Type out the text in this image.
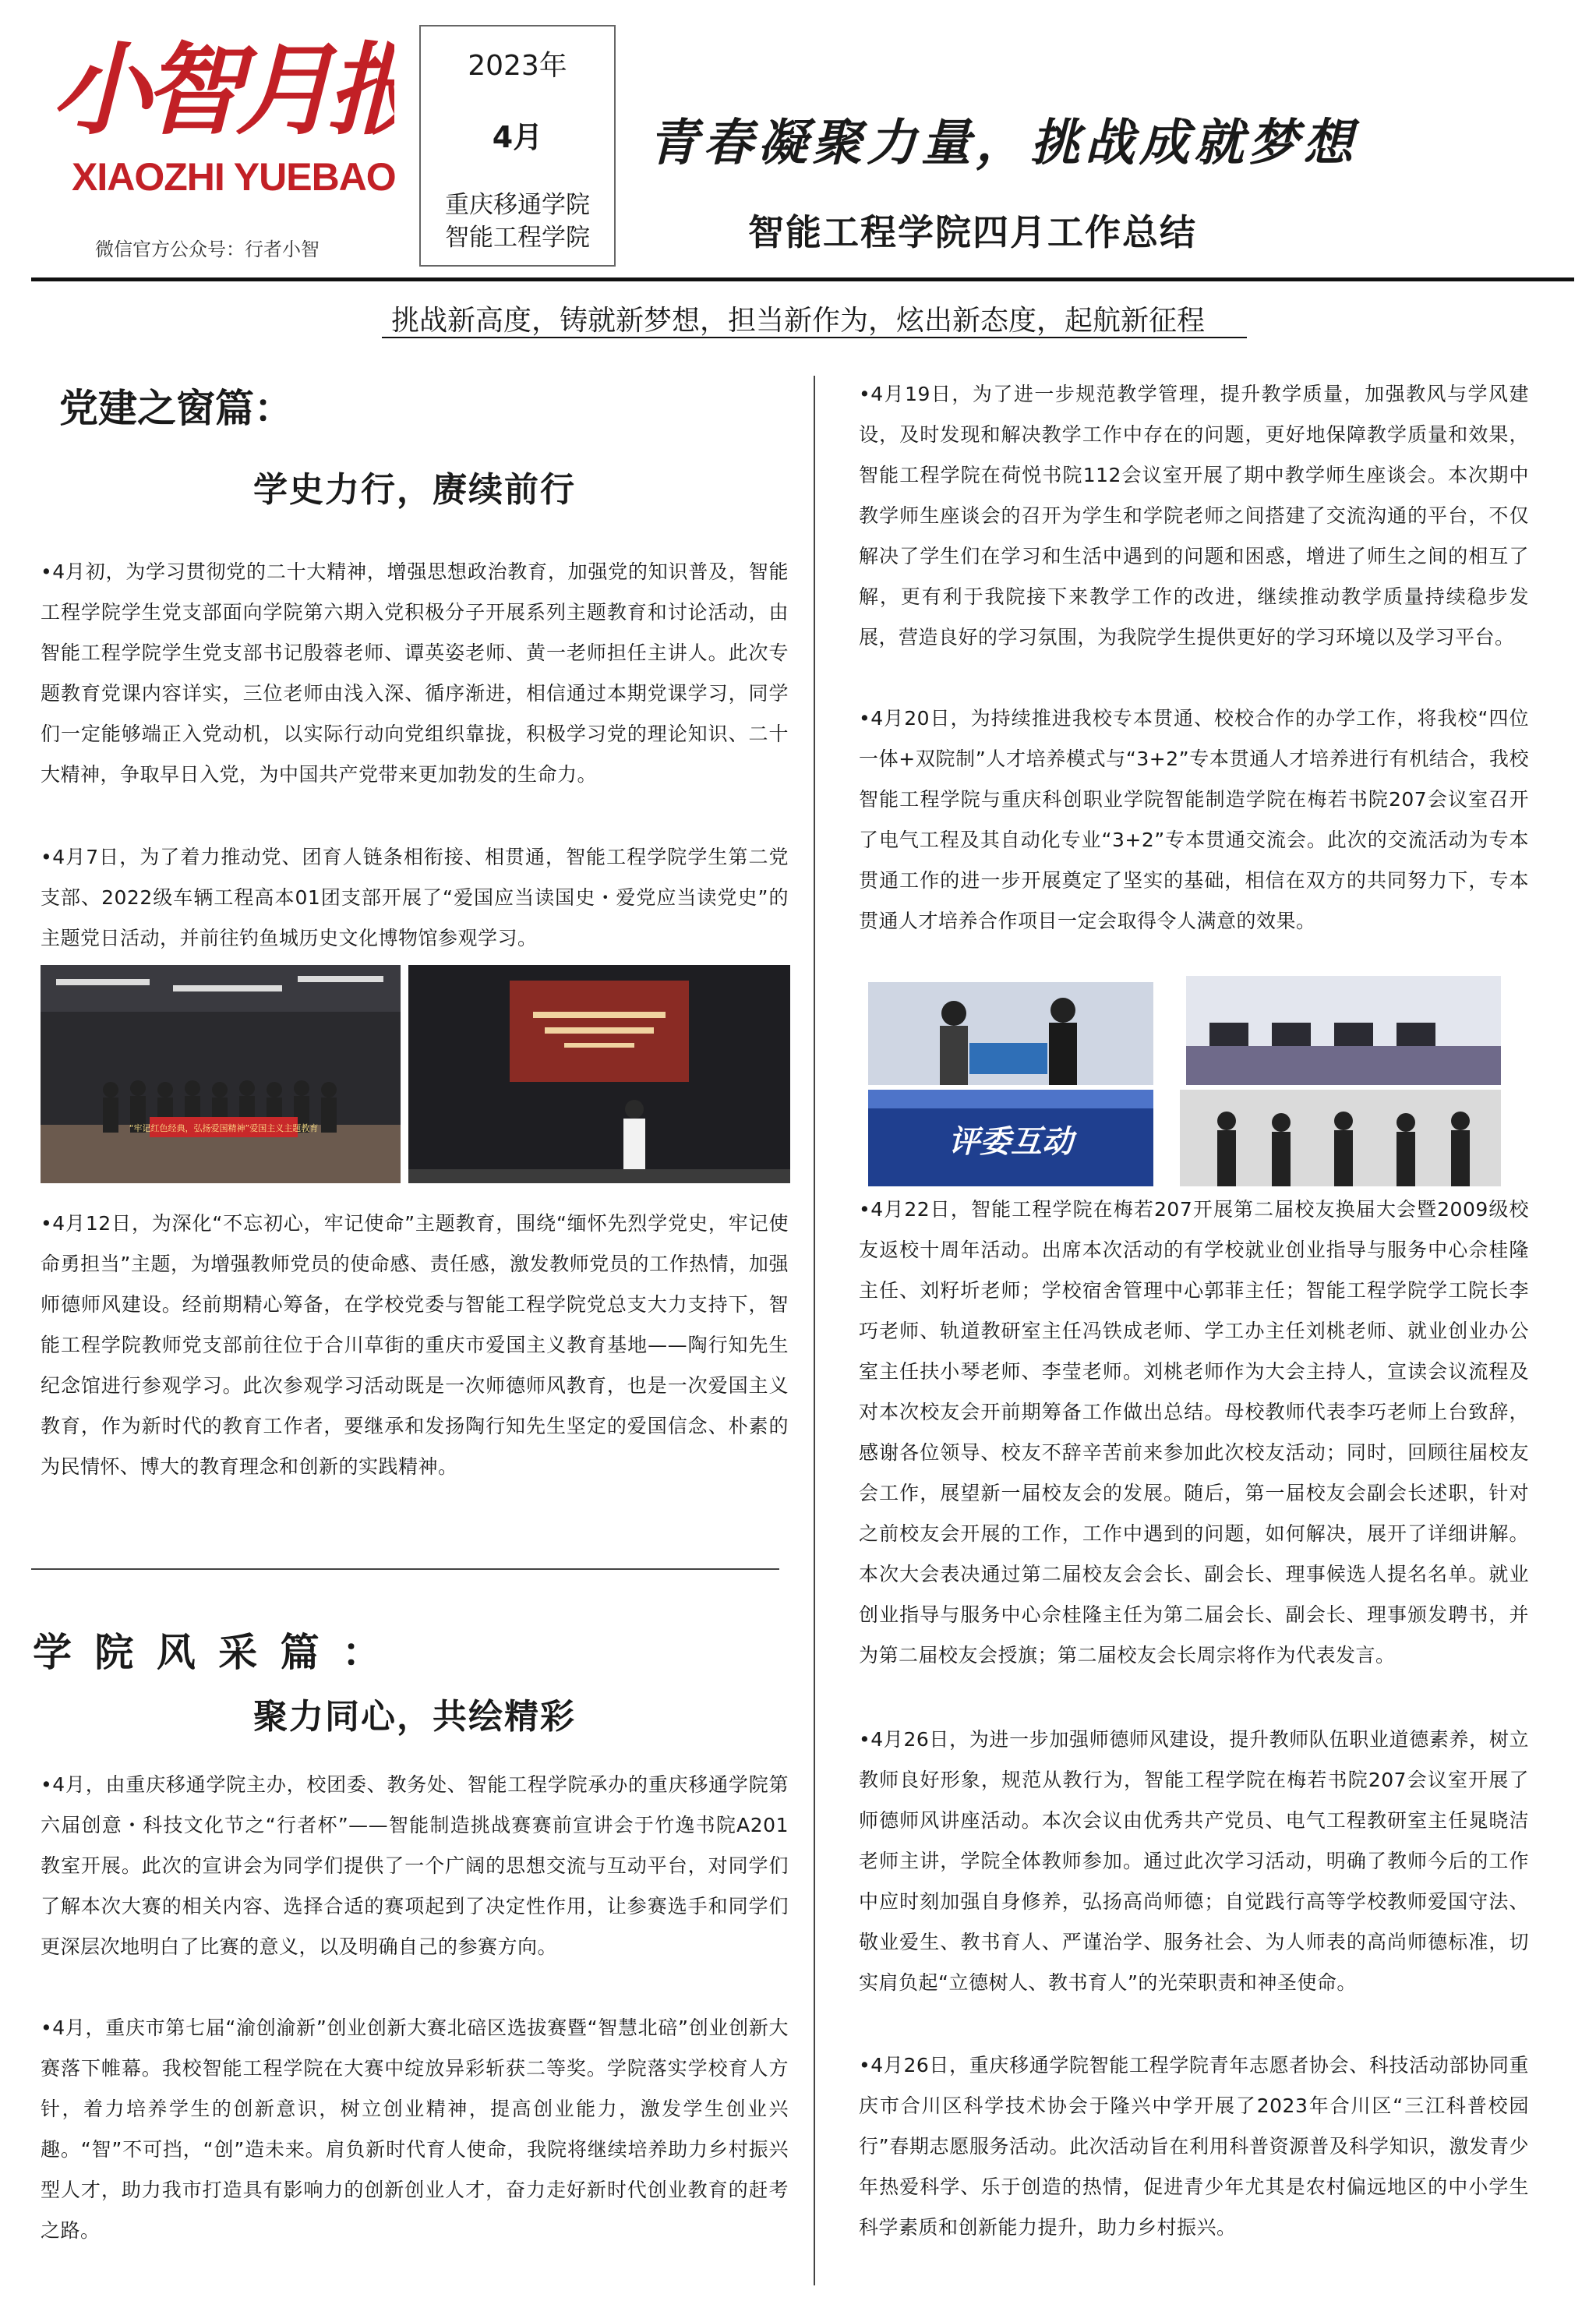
小智月报
XIAOZHI YUEBAO
微信官方公众号：行者小智
2023年
4月
重庆移通学院
智能工程学院
青春凝聚力量，挑战成就梦想
智能工程学院四月工作总结
挑战新高度，铸就新梦想，担当新作为，炫出新态度，起航新征程
党建之窗篇：
学史力行，赓续前行

•4月初，为学习贯彻党的二十大精神，增强思想政治教育，加强党的知识普及，智能工程学院学生党支部面向学院第六期入党积极分子开展系列主题教育和讨论活动，由智能工程学院学生党支部书记殷蓉老师、谭英姿老师、黄一老师担任主讲人。此次专题教育党课内容详实，三位老师由浅入深、循序渐进，相信通过本期党课学习，同学们一定能够端正入党动机，以实际行动向党组织靠拢，积极学习党的理论知识、二十大精神，争取早日入党，为中国共产党带来更加勃发的生命力。

•4月7日，为了着力推动党、团育人链条相衔接、相贯通，智能工程学院学生第二党支部、2022级车辆工程高本01团支部开展了“爱国应当读国史・爱党应当读党史”的主题党日活动，并前往钓鱼城历史文化博物馆参观学习。

“牢记红色经典，弘扬爱国精神”爱国主义主题教育

•4月12日，为深化“不忘初心，牢记使命”主题教育，围绕“缅怀先烈学党史，牢记使命勇担当”主题，为增强教师党员的使命感、责任感，激发教师党员的工作热情，加强师德师风建设。经前期精心筹备，在学校党委与智能工程学院党总支大力支持下，智能工程学院教师党支部前往位于合川草街的重庆市爱国主义教育基地——陶行知先生纪念馆进行参观学习。此次参观学习活动既是一次师德师风教育，也是一次爱国主义教育，作为新时代的教育工作者，要继承和发扬陶行知先生坚定的爱国信念、朴素的为民情怀、博大的教育理念和创新的实践精神。

学 院 风 采 篇 ：
聚力同心，共绘精彩

•4月，由重庆移通学院主办，校团委、教务处、智能工程学院承办的重庆移通学院第六届创意・科技文化节之“行者杯”——智能制造挑战赛赛前宣讲会于竹逸书院A201教室开展。此次的宣讲会为同学们提供了一个广阔的思想交流与互动平台，对同学们了解本次大赛的相关内容、选择合适的赛项起到了决定性作用，让参赛选手和同学们更深层次地明白了比赛的意义，以及明确自己的参赛方向。

•4月，重庆市第七届“渝创渝新”创业创新大赛北碚区选拔赛暨“智慧北碚”创业创新大赛落下帷幕。我校智能工程学院在大赛中绽放异彩斩获二等奖。学院落实学校育人方针，着力培养学生的创新意识，树立创业精神，提高创业能力，激发学生创业兴趣。“智”不可挡，“创”造未来。肩负新时代育人使命，我院将继续培养助力乡村振兴型人才，助力我市打造具有影响力的创新创业人才，奋力走好新时代创业教育的赶考之路。

•4月19日，为了进一步规范教学管理，提升教学质量，加强教风与学风建设，及时发现和解决教学工作中存在的问题，更好地保障教学质量和效果，智能工程学院在荷悦书院112会议室开展了期中教学师生座谈会。本次期中教学师生座谈会的召开为学生和学院老师之间搭建了交流沟通的平台，不仅解决了学生们在学习和生活中遇到的问题和困惑，增进了师生之间的相互了解，更有利于我院接下来教学工作的改进，继续推动教学质量持续稳步发展，营造良好的学习氛围，为我院学生提供更好的学习环境以及学习平台。

•4月20日，为持续推进我校专本贯通、校校合作的办学工作，将我校“四位一体+双院制”人才培养模式与“3+2”专本贯通人才培养进行有机结合，我校智能工程学院与重庆科创职业学院智能制造学院在梅若书院207会议室召开了电气工程及其自动化专业“3+2”专本贯通交流会。此次的交流活动为专本贯通工作的进一步开展奠定了坚实的基础，相信在双方的共同努力下，专本贯通人才培养合作项目一定会取得令人满意的效果。

评委互动

•4月22日，智能工程学院在梅若207开展第二届校友换届大会暨2009级校友返校十周年活动。出席本次活动的有学校就业创业指导与服务中心佘桂隆主任、刘籽圻老师；学校宿舍管理中心郭菲主任；智能工程学院学工院长李巧老师、轨道教研室主任冯铁成老师、学工办主任刘桃老师、就业创业办公室主任扶小琴老师、李莹老师。刘桃老师作为大会主持人，宣读会议流程及对本次校友会开前期筹备工作做出总结。母校教师代表李巧老师上台致辞，感谢各位领导、校友不辞辛苦前来参加此次校友活动；同时，回顾往届校友会工作，展望新一届校友会的发展。随后，第一届校友会副会长述职，针对之前校友会开展的工作，工作中遇到的问题，如何解决，展开了详细讲解。本次大会表决通过第二届校友会会长、副会长、理事候选人提名名单。就业创业指导与服务中心佘桂隆主任为第二届会长、副会长、理事颁发聘书，并为第二届校友会授旗；第二届校友会长周宗将作为代表发言。

•4月26日，为进一步加强师德师风建设，提升教师队伍职业道德素养，树立教师良好形象，规范从教行为，智能工程学院在梅若书院207会议室开展了师德师风讲座活动。本次会议由优秀共产党员、电气工程教研室主任晁晓洁老师主讲，学院全体教师参加。通过此次学习活动，明确了教师今后的工作中应时刻加强自身修养，弘扬高尚师德；自觉践行高等学校教师爱国守法、敬业爱生、教书育人、严谨治学、服务社会、为人师表的高尚师德标准，切实肩负起“立德树人、教书育人”的光荣职责和神圣使命。

•4月26日，重庆移通学院智能工程学院青年志愿者协会、科技活动部协同重庆市合川区科学技术协会于隆兴中学开展了2023年合川区“三江科普校园行”春期志愿服务活动。此次活动旨在利用科普资源普及科学知识，激发青少年热爱科学、乐于创造的热情，促进青少年尤其是农村偏远地区的中小学生科学素质和创新能力提升，助力乡村振兴。
